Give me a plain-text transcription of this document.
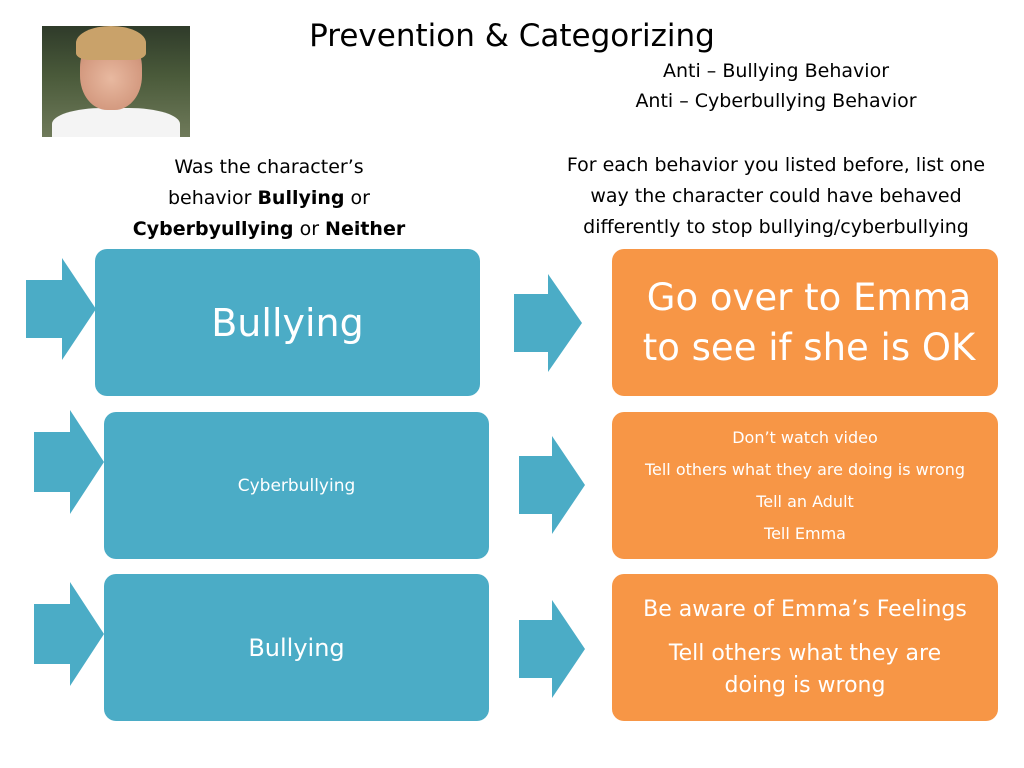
Prevention & Categorizing
Anti – Bullying Behavior
Anti – Cyberbullying Behavior
Was the character’s
behavior Bullying or
Cyberbyullying or Neither
For each behavior you listed before, list one
way the character could have behaved
differently to stop bullying/cyberbullying
Bullying
Go over to Emma
to see if she is OK
Cyberbullying
Don’t watch video
Tell others what they are doing is wrong
Tell an Adult
Tell Emma
Bullying
Be aware of Emma’s Feelings
Tell others what they are
doing is wrong
